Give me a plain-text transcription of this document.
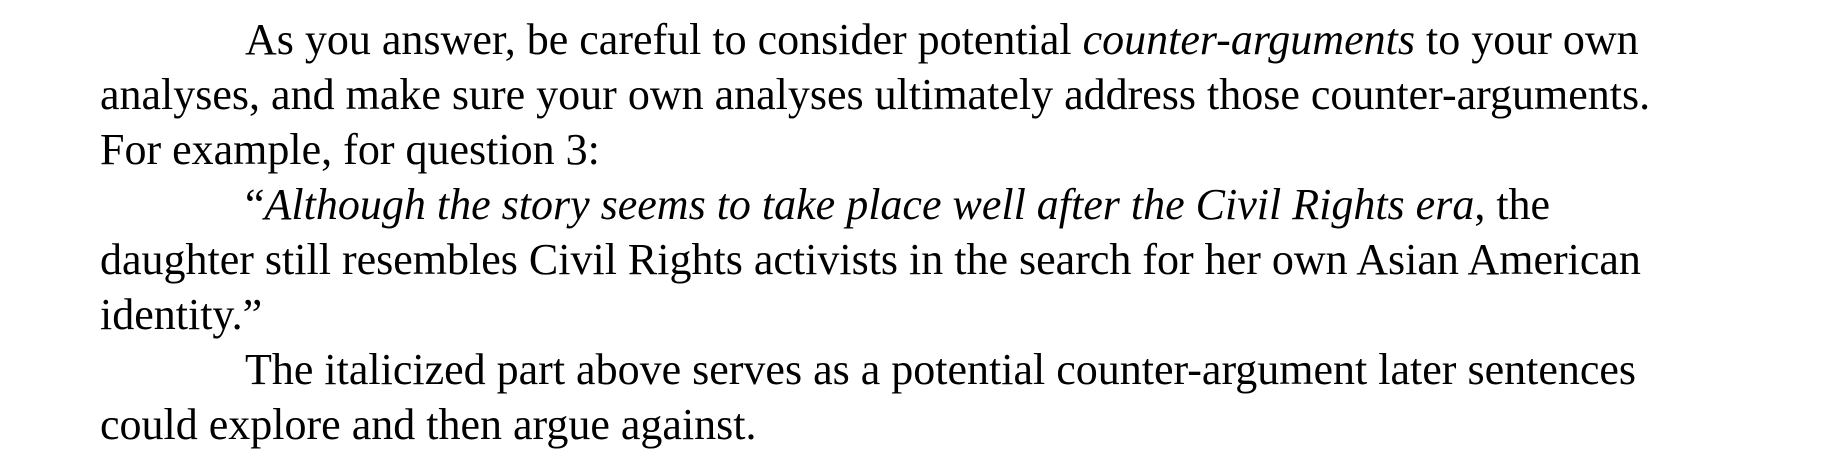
As you answer, be careful to consider potential counter-arguments to your own
analyses, and make sure your own analyses ultimately address those counter-arguments.
For example, for question 3:
“Although the story seems to take place well after the Civil Rights era, the
daughter still resembles Civil Rights activists in the search for her own Asian American
identity.”
The italicized part above serves as a potential counter-argument later sentences
could explore and then argue against.
